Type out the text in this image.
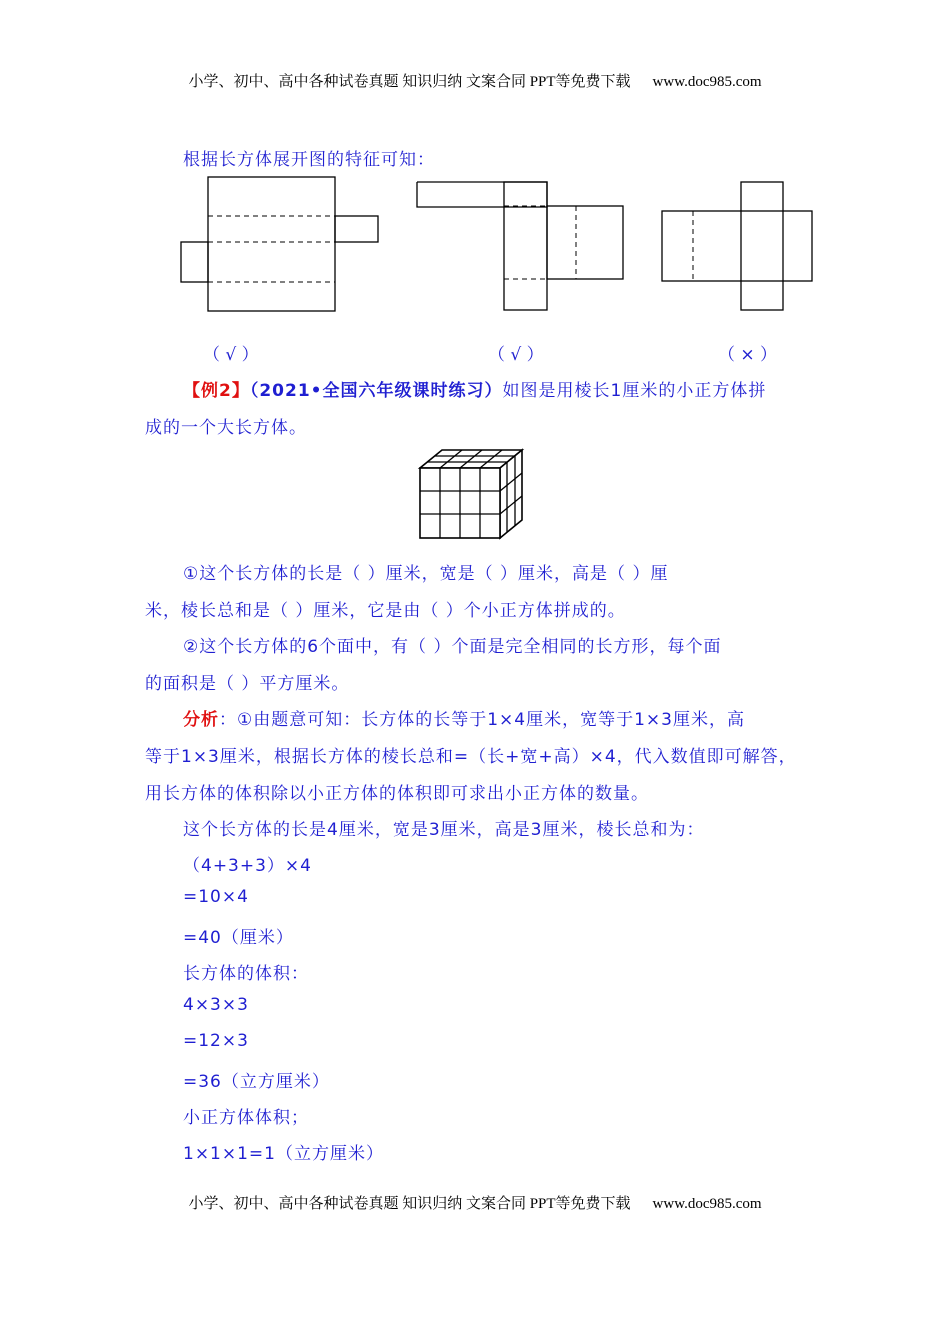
小学、初中、高中各种试卷真题 知识归纳 文案合同 PPT等免费下载 www.doc985.com
根据长方体展开图的特征可知：
（ √ ）	（ √ ）	（ × ）
【例2】（2021•全国六年级课时练习）如图是用棱长1厘米的小正方体拼
成的一个大长方体。
①这个长方体的长是（ ）厘米，宽是（ ）厘米，高是（ ）厘
米，棱长总和是（ ）厘米，它是由（ ）个小正方体拼成的。
②这个长方体的6个面中，有（ ）个面是完全相同的长方形，每个面
的面积是（ ）平方厘米。
分析：①由题意可知：长方体的长等于1×4厘米，宽等于1×3厘米，高
等于1×3厘米，根据长方体的棱长总和=（长+宽+高）×4，代入数值即可解答，
用长方体的体积除以小正方体的体积即可求出小正方体的数量。
这个长方体的长是4厘米，宽是3厘米，高是3厘米，棱长总和为：
（4+3+3）×4
=10×4
=40（厘米）
长方体的体积：
4×3×3
=12×3
=36（立方厘米）
小正方体体积；
1×1×1=1（立方厘米）
小学、初中、高中各种试卷真题 知识归纳 文案合同 PPT等免费下载 www.doc985.com
